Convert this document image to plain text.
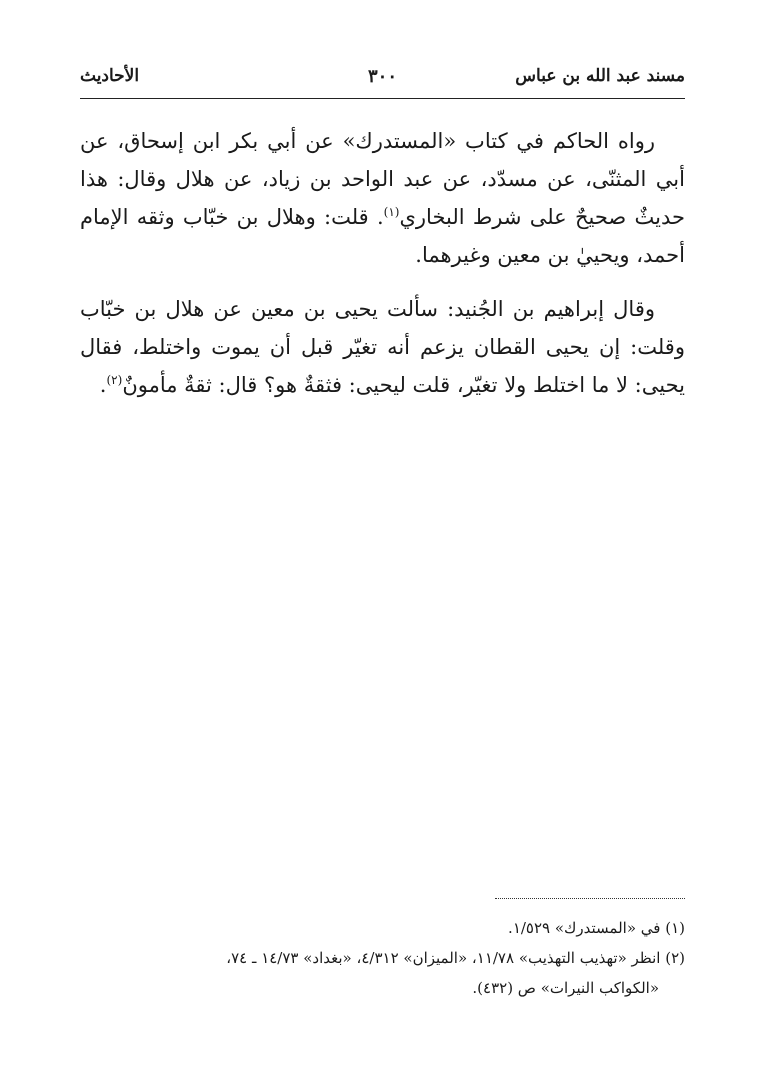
مسند عبد الله بن عباس
٣٠٠
الأحاديث

رواه الحاكم في كتاب «المستدرك» عن أبي بكر ابن إسحاق، عن أبي المثنّى، عن مسدّد، عن عبد الواحد بن زياد، عن هلال وقال: هذا حديثٌ صحيحٌ على شرط البخاري$^{(١)}$. قلت: وهلال بن خبّاب وثقه الإمام أحمد، ويحييٰ بن معين وغيرهما.

وقال إبراهيم بن الجُنيد: سألت يحيى بن معين عن هلال بن خبّاب وقلت: إن يحيى القطان يزعم أنه تغيّر قبل أن يموت واختلط، فقال يحيى: لا ما اختلط ولا تغيّر، قلت ليحيى: فثقةٌ هو؟ قال: ثقةٌ مأمونٌ$^{(٢)}$.

(١) في «المستدرك» ١/٥٢٩.

(٢) انظر «تهذيب التهذيب» ١١/٧٨، «الميزان» ٤/٣١٢، «بغداد» ١٤/٧٣ ـ ٧٤،

«الكواكب النيرات» ص (٤٣٢).
